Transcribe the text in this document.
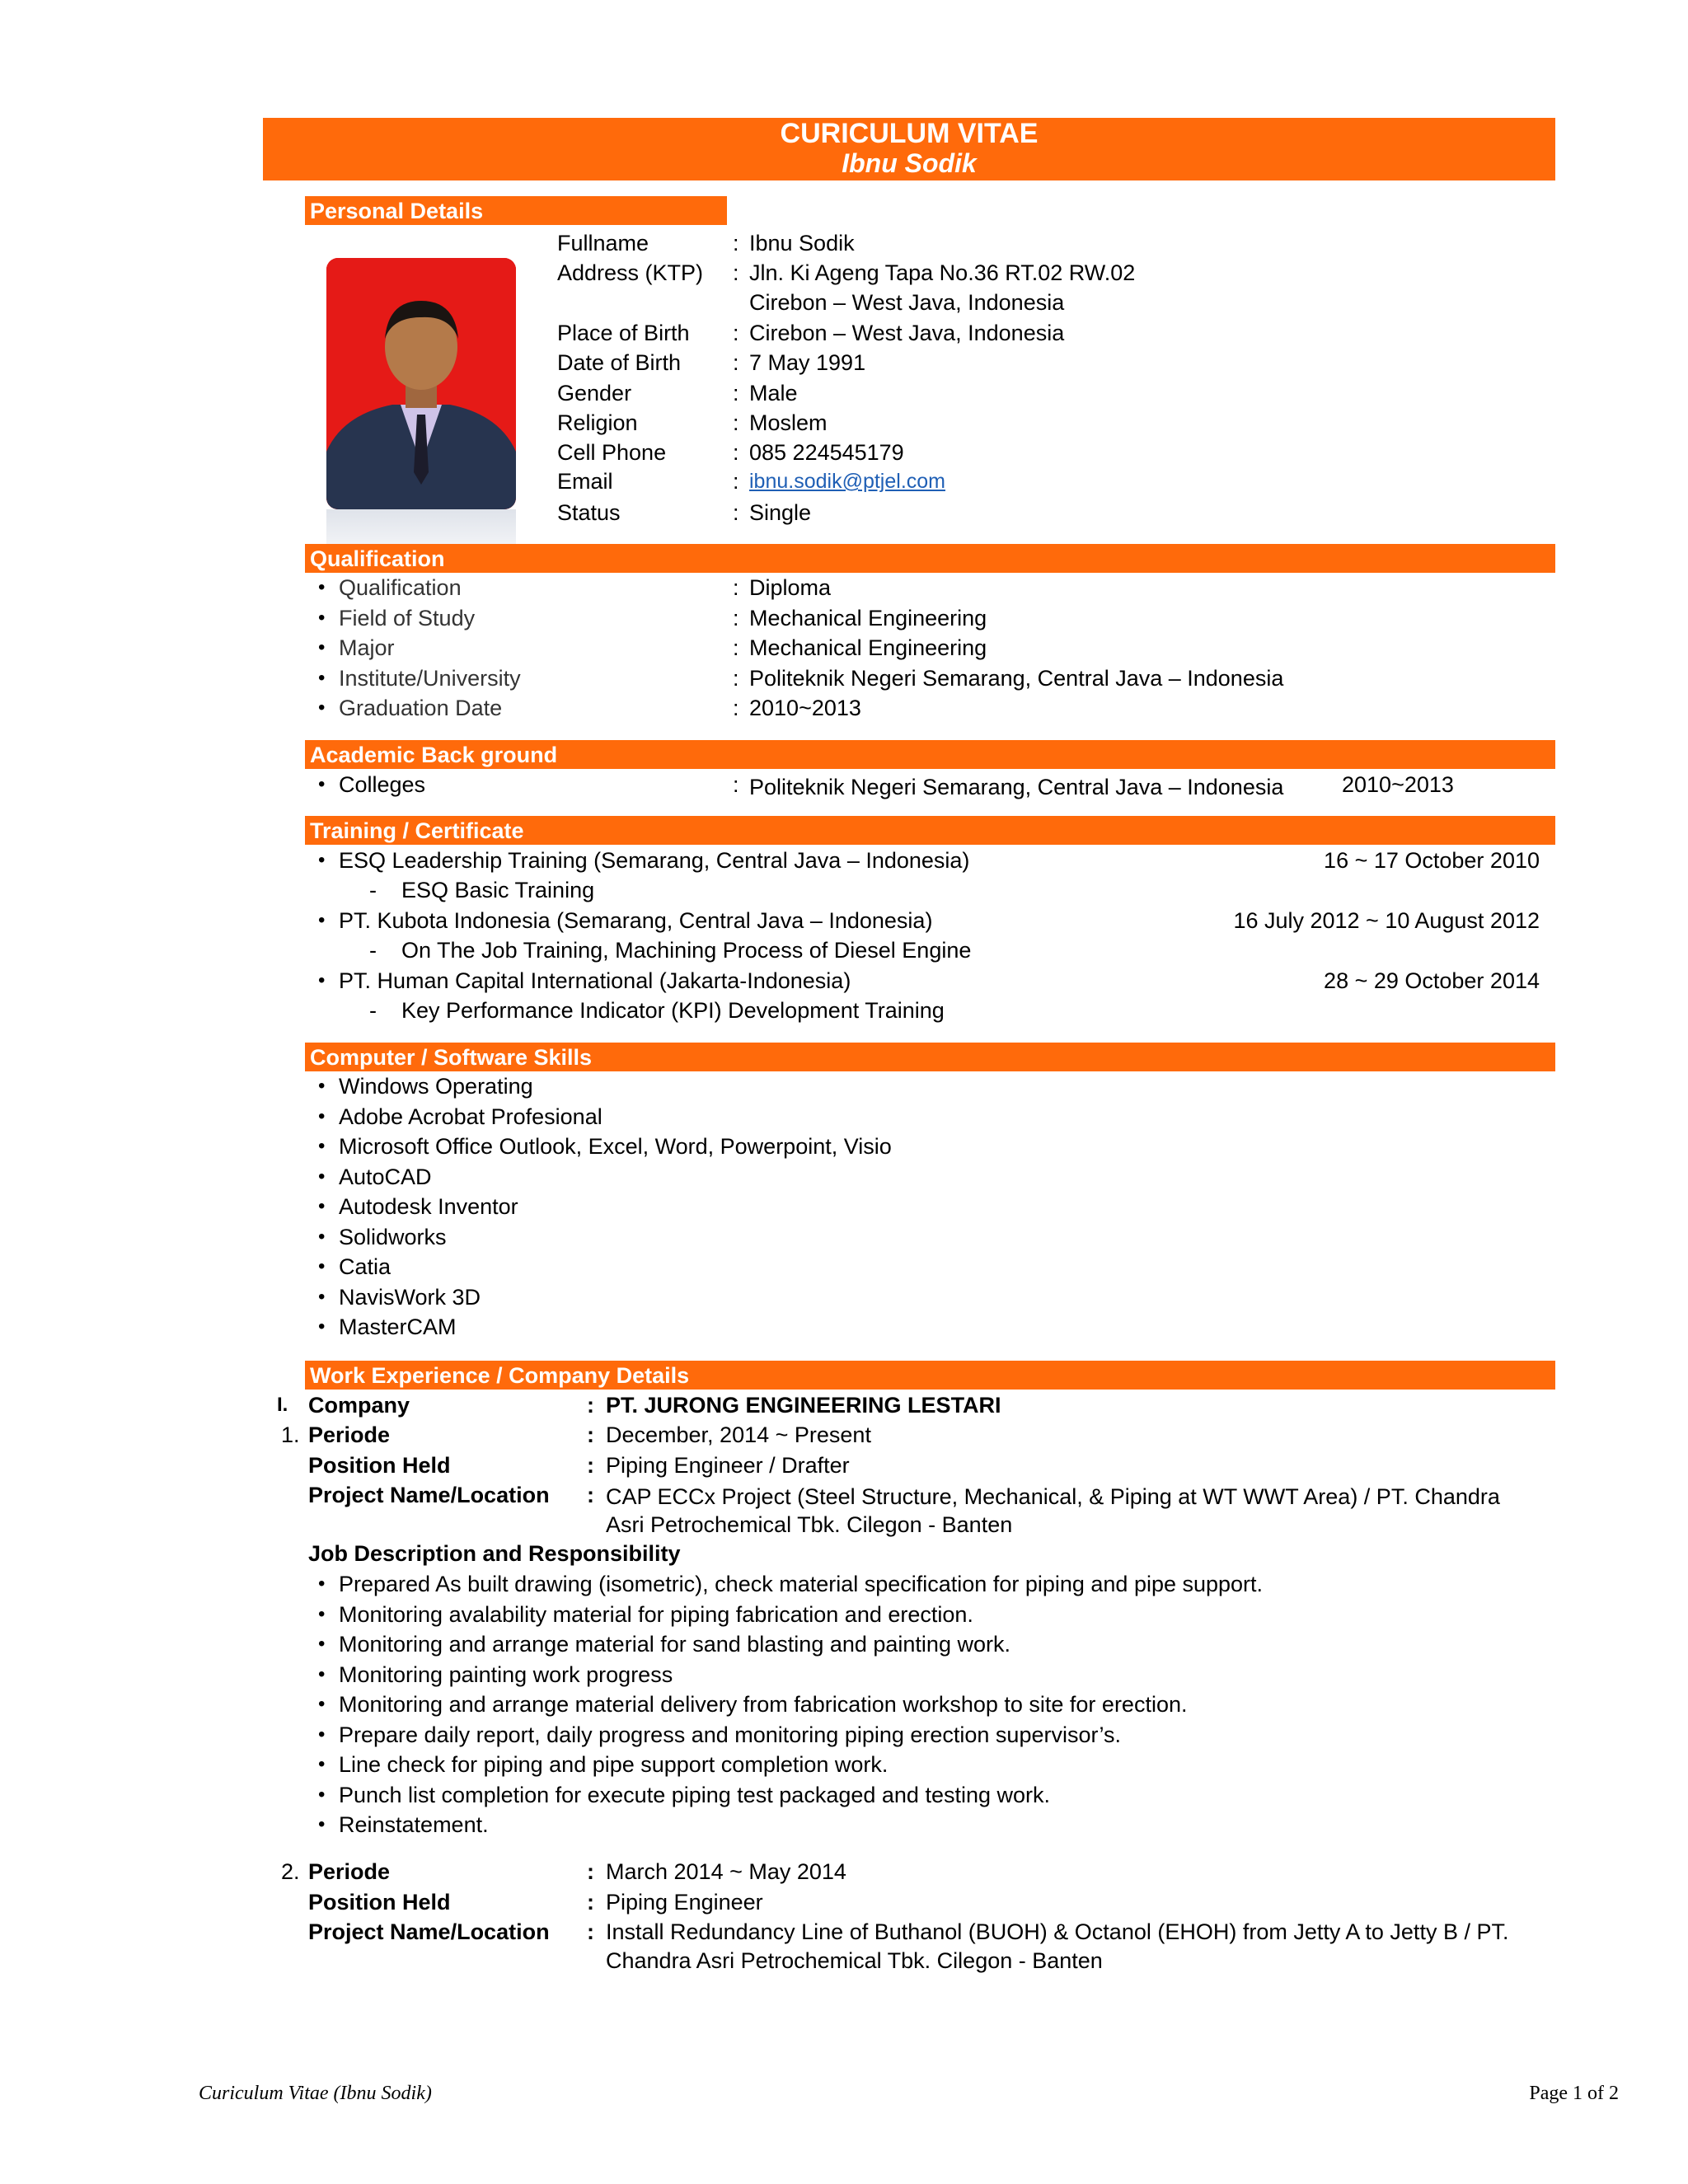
CURICULUM VITAE
Ibnu Sodik
Personal Details
Fullname	: Ibnu Sodik
Address (KTP) : Jln. Ki Ageng Tapa No.36 RT.02 RW.02
Cirebon – West Java, Indonesia
Place of Birth : Cirebon – West Java, Indonesia
Date of Birth : 7 May 1991
Gender	: Male
Religion	: Moslem
Cell Phone	: 085 224545179
Email	: ibnu.sodik@ptjel.com
Status	: Single
Qualification
• Qualification	: Diploma
• Field of Study	: Mechanical Engineering
• Major	: Mechanical Engineering
• Institute/University	: Politeknik Negeri Semarang, Central Java – Indonesia
• Graduation Date	: 2010~2013
Academic Back ground
• Colleges	: Politeknik Negeri Semarang, Central Java – Indonesia	2010~2013
Training / Certificate
• ESQ Leadership Training (Semarang, Central Java – Indonesia)	16 ~ 17 October 2010
- ESQ Basic Training
• PT. Kubota Indonesia (Semarang, Central Java – Indonesia)	16 July 2012 ~ 10 August 2012
- On The Job Training, Machining Process of Diesel Engine
• PT. Human Capital International (Jakarta-Indonesia)	28 ~ 29 October 2014
- Key Performance Indicator (KPI) Development Training
Computer / Software Skills
• Windows Operating
• Adobe Acrobat Profesional
• Microsoft Office Outlook, Excel, Word, Powerpoint, Visio
• AutoCAD
• Autodesk Inventor
• Solidworks
• Catia
• NavisWork 3D
• MasterCAM
Work Experience / Company Details
I. Company	: PT. JURONG ENGINEERING LESTARI
1. Periode	: December, 2014 ~ Present
Position Held	: Piping Engineer / Drafter
Project Name/Location : CAP ECCx Project (Steel Structure, Mechanical, & Piping at WT WWT Area) / PT. Chandra
Asri Petrochemical Tbk. Cilegon - Banten
Job Description and Responsibility
• Prepared As built drawing (isometric), check material specification for piping and pipe support.
• Monitoring avalability material for piping fabrication and erection.
• Monitoring and arrange material for sand blasting and painting work.
• Monitoring painting work progress
• Monitoring and arrange material delivery from fabrication workshop to site for erection.
• Prepare daily report, daily progress and monitoring piping erection supervisor’s.
• Line check for piping and pipe support completion work.
• Punch list completion for execute piping test packaged and testing work.
• Reinstatement.
2. Periode	: March 2014 ~ May 2014
Position Held	: Piping Engineer
Project Name/Location : Install Redundancy Line of Buthanol (BUOH) & Octanol (EHOH) from Jetty A to Jetty B / PT.
Chandra Asri Petrochemical Tbk. Cilegon - Banten
Curiculum Vitae (Ibnu Sodik)	Page 1 of 2
